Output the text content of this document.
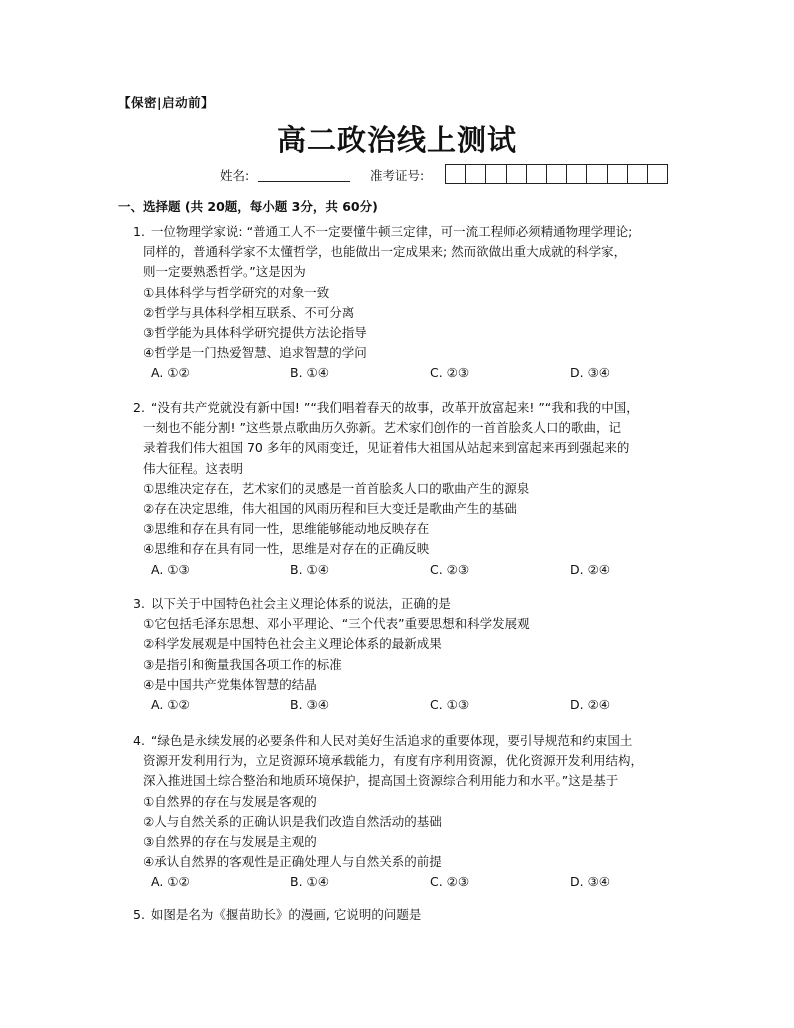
【保密|启动前】
高二政治线上测试
姓名:	准考证号:
一、选择题 (共 20题，每小题 3分，共 60分)

1. 一位物理学家说: “普通工人不一定要懂牛顿三定律，可一流工程师必须精通物理学理论;

同样的，普通科学家不太懂哲学，也能做出一定成果来; 然而欲做出重大成就的科学家，

则一定要熟悉哲学。”这是因为

①具体科学与哲学研究的对象一致

②哲学与具体科学相互联系、不可分离

③哲学能为具体科学研究提供方法论指导

④哲学是一门热爱智慧、追求智慧的学问

A. ①②	B. ①④	C. ②③	D. ③④

2. “没有共产党就没有新中国! ”“我们唱着春天的故事，改革开放富起来! ”“我和我的中国，

一刻也不能分割! ”这些景点歌曲历久弥新。艺术家们创作的一首首脍炙人口的歌曲，记

录着我们伟大祖国 70 多年的风雨变迁，见证着伟大祖国从站起来到富起来再到强起来的

伟大征程。这表明

①思维决定存在，艺术家们的灵感是一首首脍炙人口的歌曲产生的源泉

②存在决定思维，伟大祖国的风雨历程和巨大变迁是歌曲产生的基础

③思维和存在具有同一性，思维能够能动地反映存在

④思维和存在具有同一性，思维是对存在的正确反映

A. ①③	B. ①④	C. ②③	D. ②④

3. 以下关于中国特色社会主义理论体系的说法，正确的是

①它包括毛泽东思想、邓小平理论、“三个代表”重要思想和科学发展观

②科学发展观是中国特色社会主义理论体系的最新成果

③是指引和衡量我国各项工作的标准

④是中国共产党集体智慧的结晶

A. ①②	B. ③④	C. ①③	D. ②④

4. “绿色是永续发展的必要条件和人民对美好生活追求的重要体现，要引导规范和约束国土

资源开发利用行为，立足资源环境承载能力，有度有序利用资源，优化资源开发利用结构，

深入推进国土综合整治和地质环境保护，提高国土资源综合利用能力和水平。”这是基于

①自然界的存在与发展是客观的

②人与自然关系的正确认识是我们改造自然活动的基础

③自然界的存在与发展是主观的

④承认自然界的客观性是正确处理人与自然关系的前提

A. ①②	B. ①④	C. ②③	D. ③④

5. 如图是名为《揠苗助长》的漫画, 它说明的问题是
